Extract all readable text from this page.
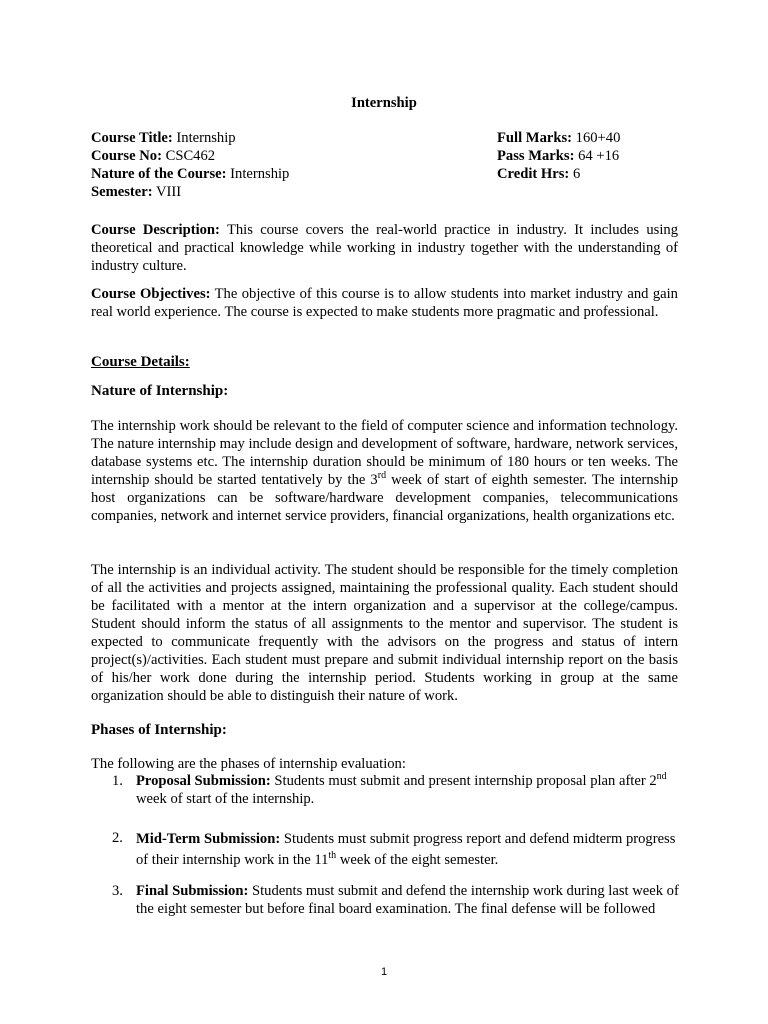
Internship
Course Title: Internship
Course No: CSC462
Nature of the Course: Internship
Semester: VIII
Full Marks: 160+40
Pass Marks: 64 +16
Credit Hrs: 6

Course Description: This course covers the real-world practice in industry. It includes using theoretical and practical knowledge while working in industry together with the understanding of industry culture.

Course Objectives: The objective of this course is to allow students into market industry and gain real world experience. The course is expected to make students more pragmatic and professional.

Course Details:
Nature of Internship:

The internship work should be relevant to the field of computer science and information technology. The nature internship may include design and development of software, hardware, network services, database systems etc. The internship duration should be minimum of 180 hours or ten weeks. The internship should be started tentatively by the 3rd week of start of eighth semester. The internship host organizations can be software/hardware development companies, telecommunications companies, network and internet service providers, financial organizations, health organizations etc.

The internship is an individual activity. The student should be responsible for the timely completion of all the activities and projects assigned, maintaining the professional quality. Each student should be facilitated with a mentor at the intern organization and a supervisor at the college/campus. Student should inform the status of all assignments to the mentor and supervisor. The student is expected to communicate frequently with the advisors on the progress and status of intern project(s)/activities. Each student must prepare and submit individual internship report on the basis of his/her work done during the internship period. Students working in group at the same organization should be able to distinguish their nature of work.

Phases of Internship:
The following are the phases of internship evaluation:
1. Proposal Submission: Students must submit and present internship proposal plan after 2nd week of start of the internship.
2. Mid-Term Submission: Students must submit progress report and defend midterm progress of their internship work in the 11th week of the eight semester.
3. Final Submission: Students must submit and defend the internship work during last week of the eight semester but before final board examination. The final defense will be followed
1
